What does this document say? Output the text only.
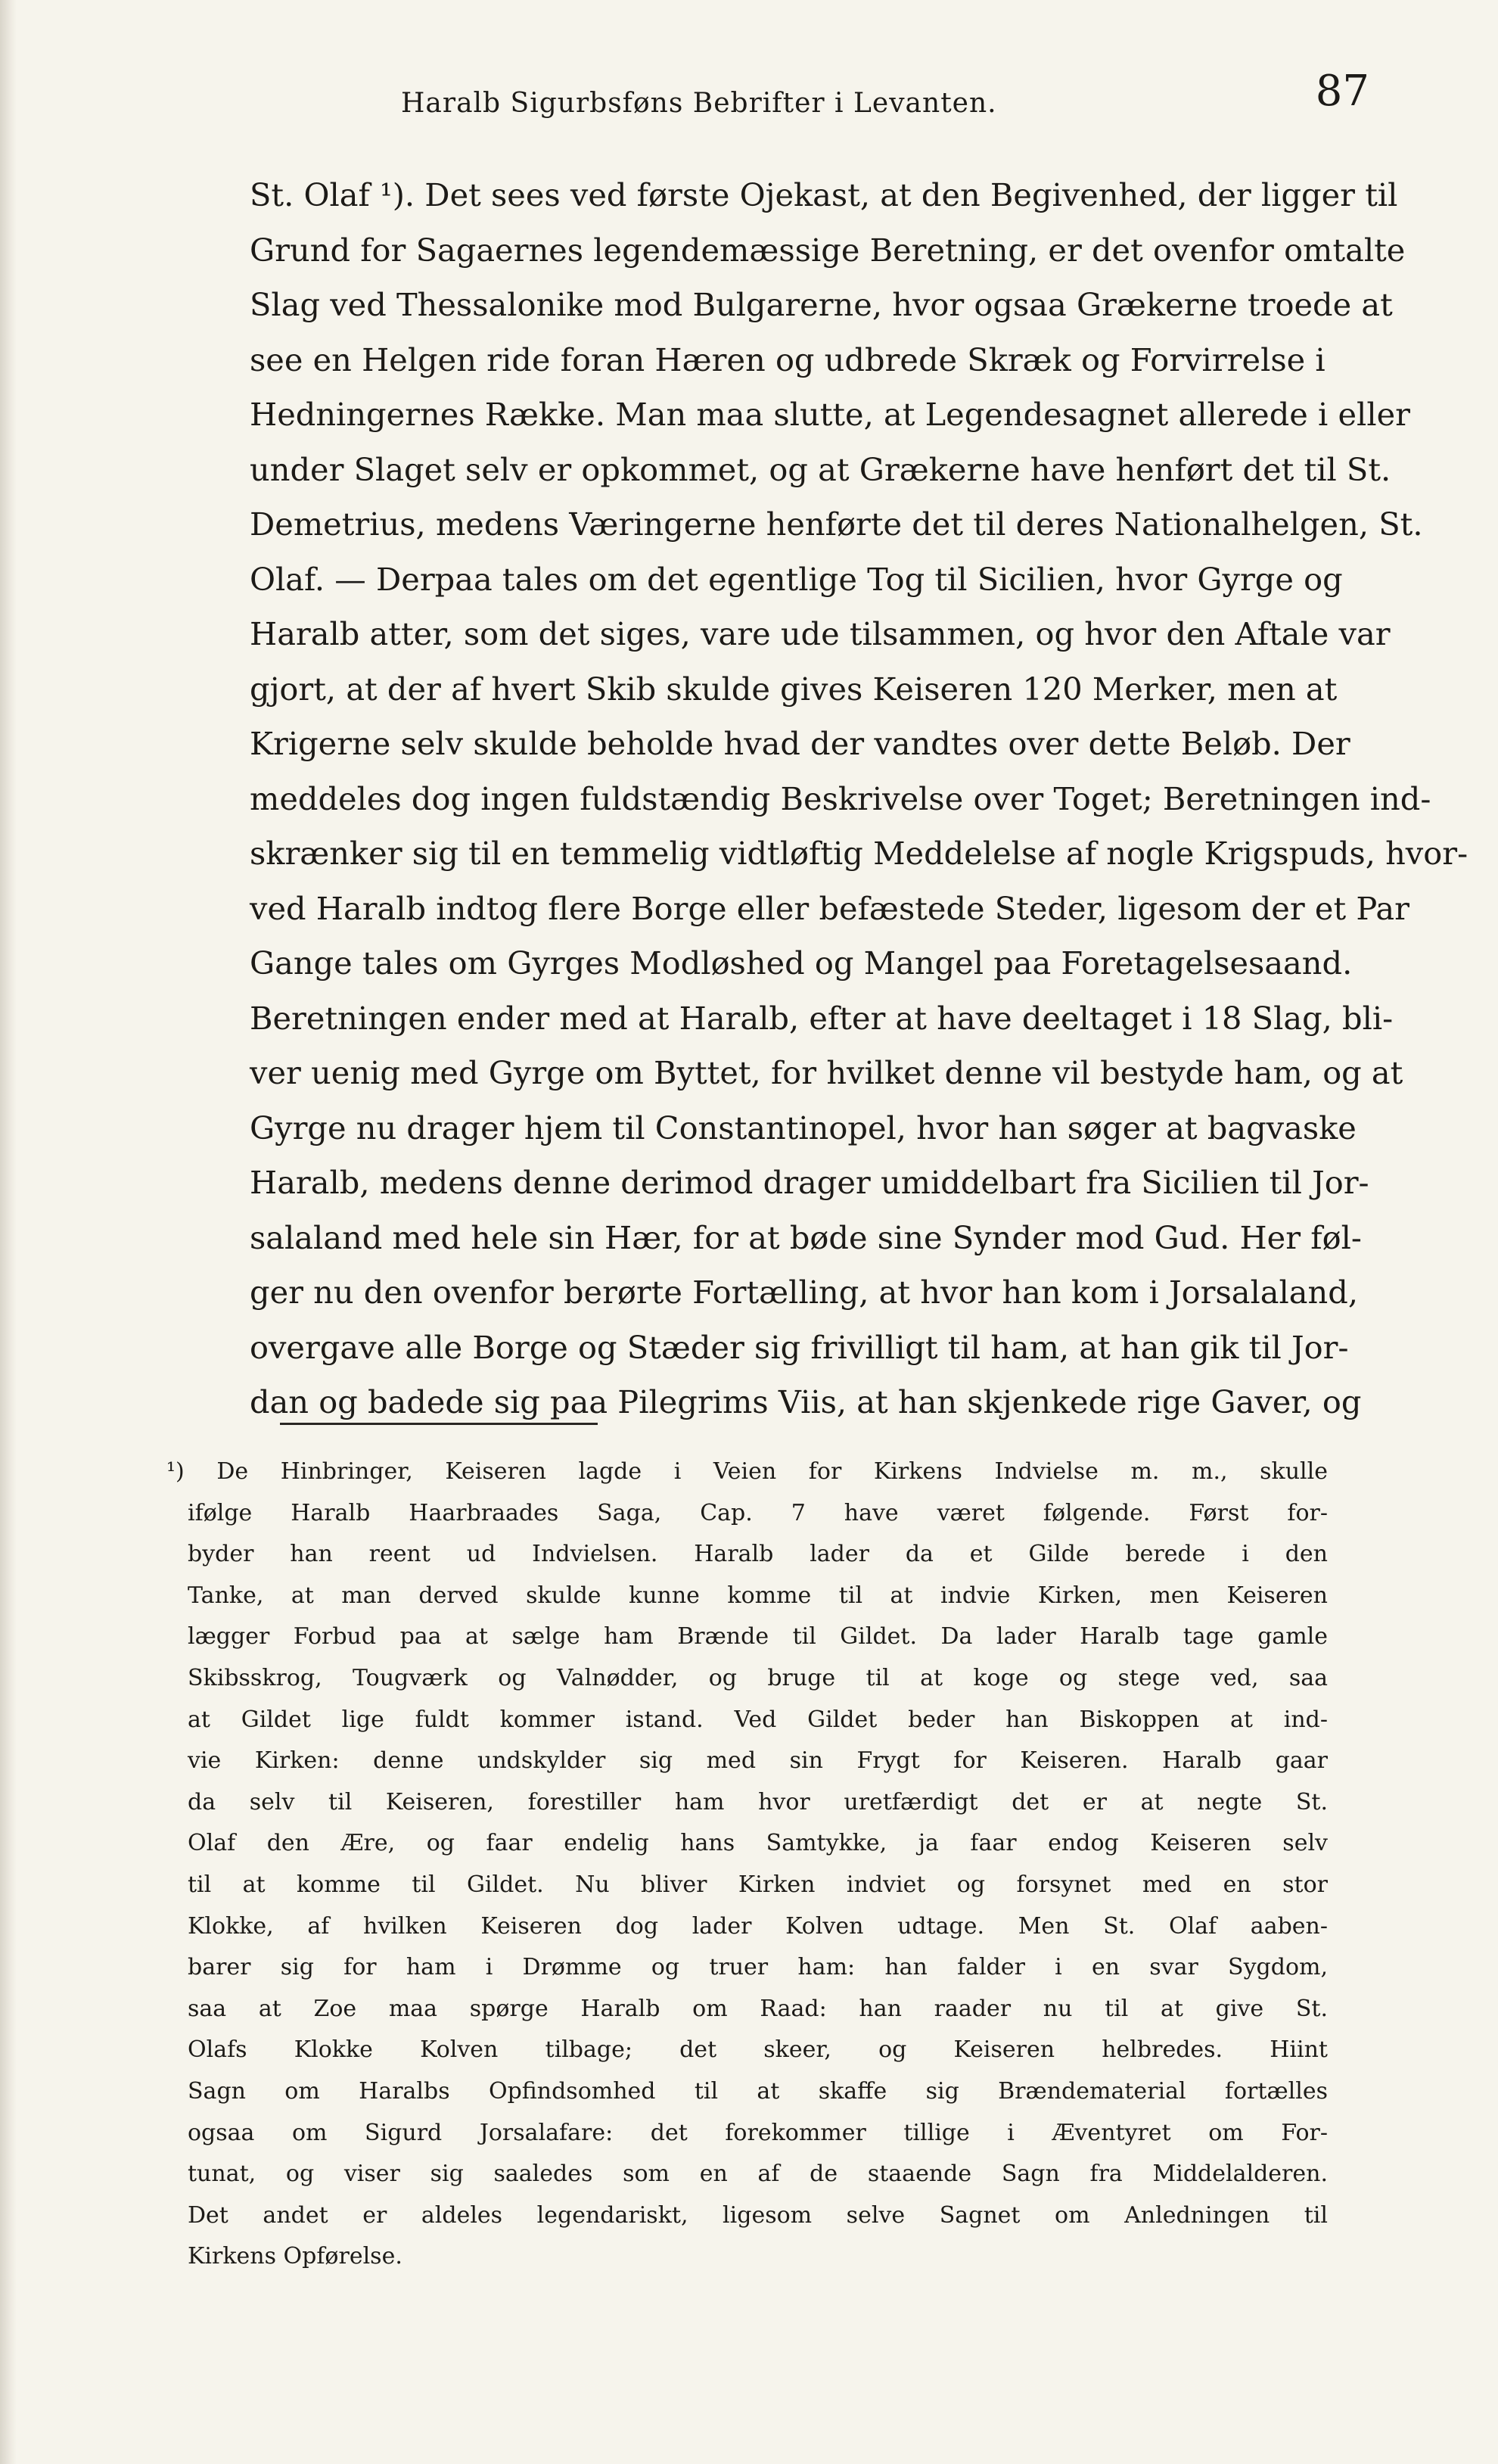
Haralb Sigurbsføns Bebrifter i Levanten.	87
St. Olaf ¹). Det sees ved første Ojekast, at den Begivenhed, der ligger til
Grund for Sagaernes legendemæssige Beretning, er det ovenfor omtalte
Slag ved Thessalonike mod Bulgarerne, hvor ogsaa Grækerne troede at
see en Helgen ride foran Hæren og udbrede Skræk og Forvirrelse i
Hedningernes Række. Man maa slutte, at Legendesagnet allerede i eller
under Slaget selv er opkommet, og at Grækerne have henført det til St.
Demetrius, medens Væringerne henførte det til deres Nationalhelgen, St.
Olaf. — Derpaa tales om det egentlige Tog til Sicilien, hvor Gyrge og
Haralb atter, som det siges, vare ude tilsammen, og hvor den Aftale var
gjort, at der af hvert Skib skulde gives Keiseren 120 Merker, men at
Krigerne selv skulde beholde hvad der vandtes over dette Beløb. Der
meddeles dog ingen fuldstændig Beskrivelse over Toget; Beretningen ind-
skrænker sig til en temmelig vidtløftig Meddelelse af nogle Krigspuds, hvor-
ved Haralb indtog flere Borge eller befæstede Steder, ligesom der et Par
Gange tales om Gyrges Modløshed og Mangel paa Foretagelsesaand.
Beretningen ender med at Haralb, efter at have deeltaget i 18 Slag, bli-
ver uenig med Gyrge om Byttet, for hvilket denne vil bestyde ham, og at
Gyrge nu drager hjem til Constantinopel, hvor han søger at bagvaske
Haralb, medens denne derimod drager umiddelbart fra Sicilien til Jor-
salaland med hele sin Hær, for at bøde sine Synder mod Gud. Her føl-
ger nu den ovenfor berørte Fortælling, at hvor han kom i Jorsalaland,
overgave alle Borge og Stæder sig frivilligt til ham, at han gik til Jor-
dan og badede sig paa Pilegrims Viis, at han skjenkede rige Gaver, og
¹) De Hinbringer, Keiseren lagde i Veien for Kirkens Indvielse m. m., skulle
ifølge Haralb Haarbraades Saga, Cap. 7 have været følgende. Først for-
byder han reent ud Indvielsen. Haralb lader da et Gilde berede i den
Tanke, at man derved skulde kunne komme til at indvie Kirken, men Keiseren
lægger Forbud paa at sælge ham Brænde til Gildet. Da lader Haralb tage gamle
Skibsskrog, Tougværk og Valnødder, og bruge til at koge og stege ved, saa
at Gildet lige fuldt kommer istand. Ved Gildet beder han Biskoppen at ind-
vie Kirken: denne undskylder sig med sin Frygt for Keiseren. Haralb gaar
da selv til Keiseren, forestiller ham hvor uretfærdigt det er at negte St.
Olaf den Ære, og faar endelig hans Samtykke, ja faar endog Keiseren selv
til at komme til Gildet. Nu bliver Kirken indviet og forsynet med en stor
Klokke, af hvilken Keiseren dog lader Kolven udtage. Men St. Olaf aaben-
barer sig for ham i Drømme og truer ham: han falder i en svar Sygdom,
saa at Zoe maa spørge Haralb om Raad: han raader nu til at give St.
Olafs Klokke Kolven tilbage; det skeer, og Keiseren helbredes. Hiint
Sagn om Haralbs Opfindsomhed til at skaffe sig Brændematerial fortælles
ogsaa om Sigurd Jorsalafare: det forekommer tillige i Æventyret om For-
tunat, og viser sig saaledes som en af de staaende Sagn fra Middelalderen.
Det andet er aldeles legendariskt, ligesom selve Sagnet om Anledningen til
Kirkens Opførelse.
